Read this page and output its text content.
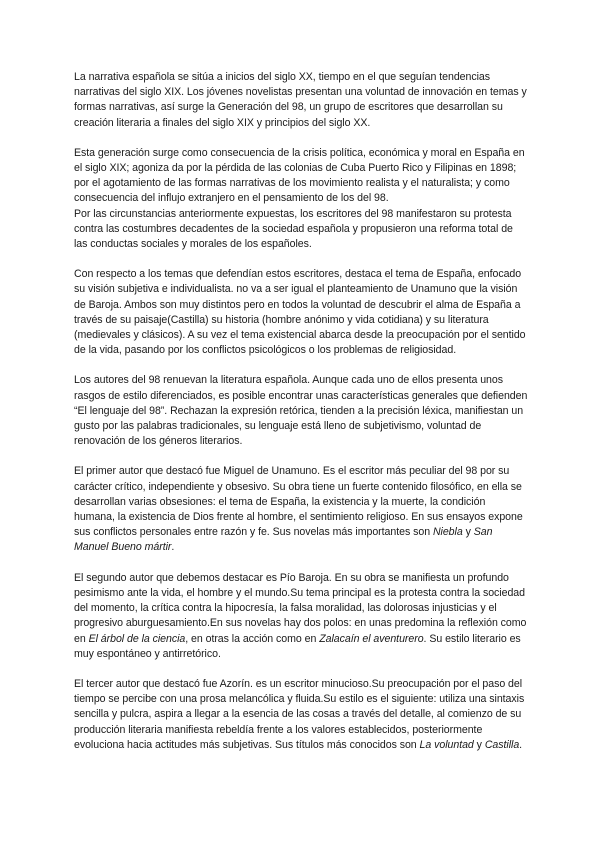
La narrativa española se sitúa a inicios del siglo XX, tiempo en el que seguían tendencias narrativas del siglo XIX. Los jóvenes novelistas presentan una voluntad de innovación en temas y formas narrativas, así surge la Generación del 98, un grupo de escritores que desarrollan su creación literaria a finales del siglo XIX y principios del siglo XX.

Esta generación surge como consecuencia de la crisis política, económica y moral en España en el siglo XIX; agoniza da por la pérdida de las colonias de Cuba Puerto Rico y Filipinas en 1898; por el agotamiento de las formas narrativas de los movimiento realista y el naturalista; y como consecuencia del influjo extranjero en el pensamiento de los del 98.

Por las circunstancias anteriormente expuestas, los escritores del 98 manifestaron su protesta contra las costumbres decadentes de la sociedad española y propusieron una reforma total de las conductas sociales y morales de los españoles.

Con respecto a los temas que defendían estos escritores, destaca el tema de España, enfocado su visión subjetiva e individualista. no va a ser igual el planteamiento de Unamuno que la visión de Baroja. Ambos son muy distintos pero en todos la voluntad de descubrir el alma de España a través de su paisaje(Castilla) su historia (hombre anónimo y vida cotidiana) y su literatura (medievales y clásicos). A su vez el tema existencial abarca desde la preocupación por el sentido de la vida, pasando por los conflictos psicológicos o los problemas de religiosidad.

Los autores del 98 renuevan la literatura española. Aunque cada uno de ellos presenta unos rasgos de estilo diferenciados, es posible encontrar unas características generales que defienden “El lenguaje del 98”. Rechazan la expresión retórica, tienden a la precisión léxica, manifiestan un gusto por las palabras tradicionales, su lenguaje está lleno de subjetivismo, voluntad de renovación de los géneros literarios.

El primer autor que destacó fue Miguel de Unamuno. Es el escritor más peculiar del 98 por su carácter crítico, independiente y obsesivo. Su obra tiene un fuerte contenido filosófico, en ella se desarrollan varias obsesiones: el tema de España, la existencia y la muerte, la condición humana, la existencia de Dios frente al hombre, el sentimiento religioso. En sus ensayos expone sus conflictos personales entre razón y fe. Sus novelas más importantes son Niebla y San Manuel Bueno mártir.

El segundo autor que debemos destacar es Pío Baroja. En su obra se manifiesta un profundo pesimismo ante la vida, el hombre y el mundo.Su tema principal es la protesta contra la sociedad del momento, la crítica contra la hipocresía, la falsa moralidad, las dolorosas injusticias y el progresivo aburguesamiento.En sus novelas hay dos polos: en unas predomina la reflexión como en El árbol de la ciencia, en otras la acción como en Zalacaín el aventurero. Su estilo literario es muy espontáneo y antirretórico.

El tercer autor que destacó fue Azorín. es un escritor minucioso.Su preocupación por el paso del tiempo se percibe con una prosa melancólica y fluida.Su estilo es el siguiente: utiliza una sintaxis sencilla y pulcra, aspira a llegar a la esencia de las cosas a través del detalle, al comienzo de su producción literaria manifiesta rebeldía frente a los valores establecidos, posteriormente evoluciona hacia actitudes más subjetivas. Sus títulos más conocidos son La voluntad y Castilla.
